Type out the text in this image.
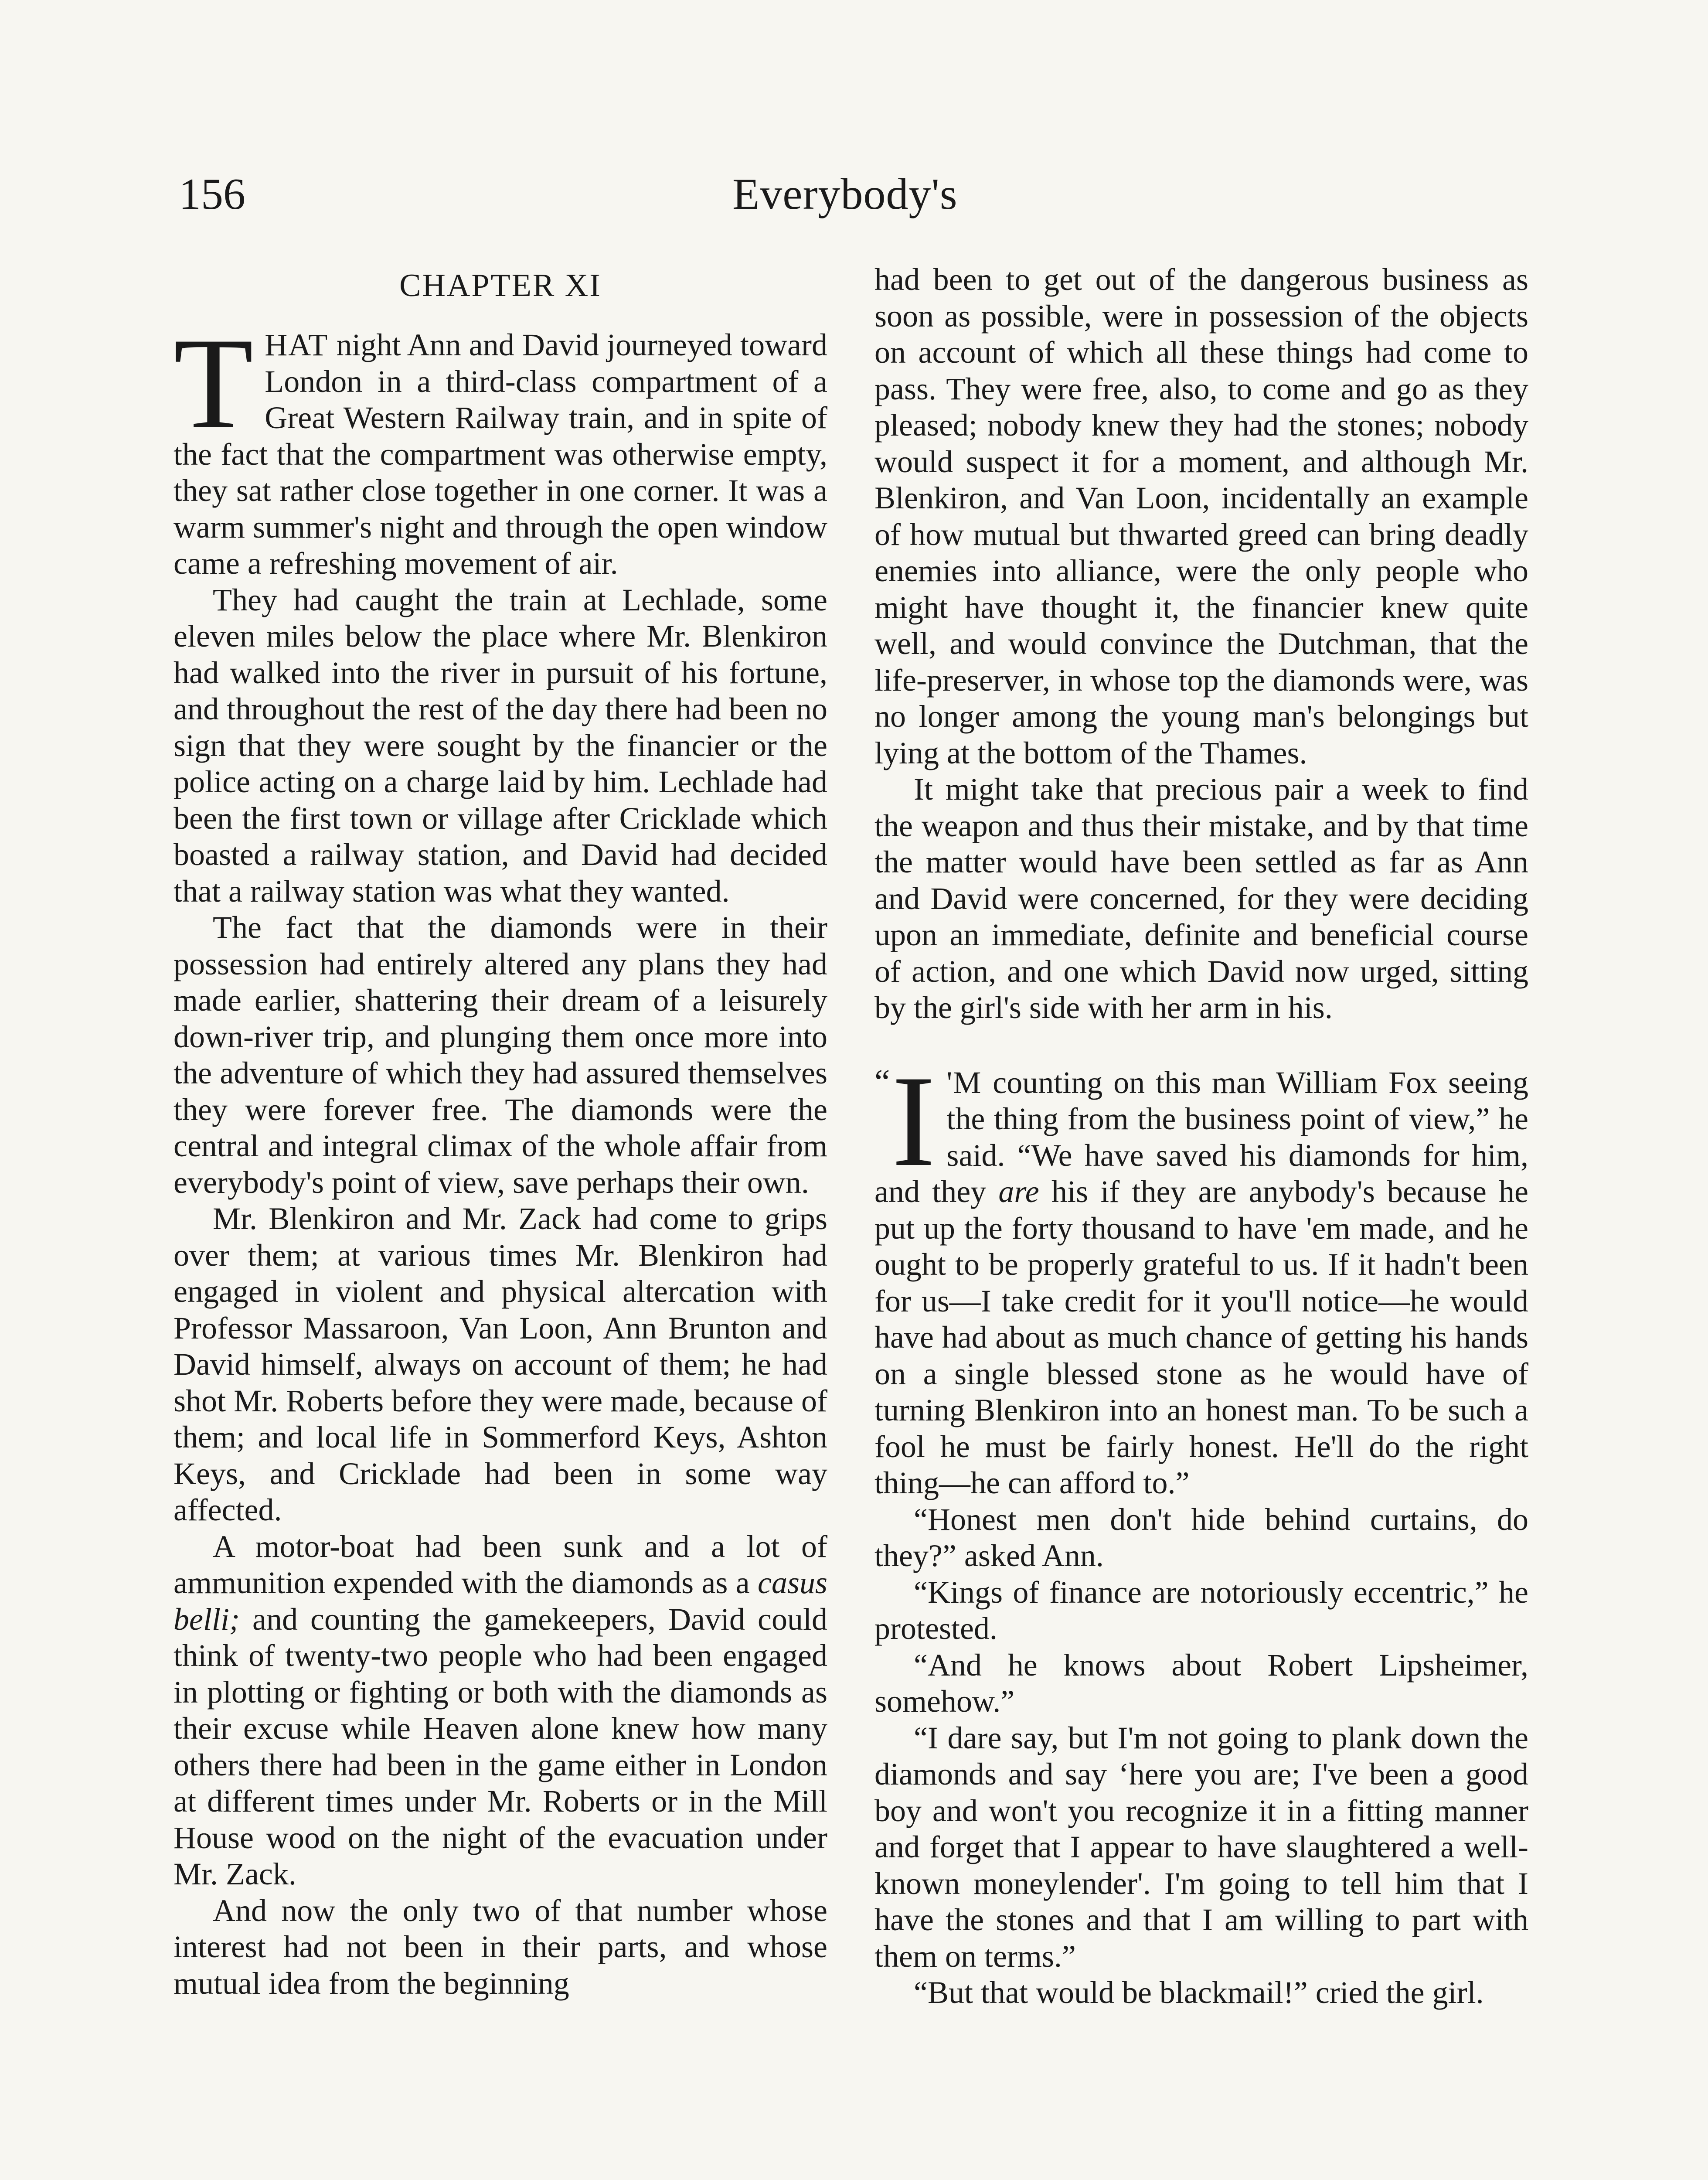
156	Everybody's
CHAPTER XI

THAT night Ann and David journeyed toward London in a third-class compartment of a Great Western Railway train, and in spite of the fact that the compartment was otherwise empty, they sat rather close together in one corner. It was a warm summer's night and through the open window came a refreshing movement of air.

They had caught the train at Lechlade, some eleven miles below the place where Mr. Blenkiron had walked into the river in pursuit of his fortune, and throughout the rest of the day there had been no sign that they were sought by the financier or the police acting on a charge laid by him. Lechlade had been the first town or village after Cricklade which boasted a railway station, and David had decided that a railway station was what they wanted.

The fact that the diamonds were in their possession had entirely altered any plans they had made earlier, shattering their dream of a leisurely down-river trip, and plunging them once more into the adventure of which they had assured themselves they were forever free. The diamonds were the central and integral climax of the whole affair from everybody's point of view, save perhaps their own.

Mr. Blenkiron and Mr. Zack had come to grips over them; at various times Mr. Blenkiron had engaged in violent and physical altercation with Professor Massaroon, Van Loon, Ann Brunton and David himself, always on account of them; he had shot Mr. Roberts before they were made, because of them; and local life in Sommerford Keys, Ashton Keys, and Cricklade had been in some way affected.

A motor-boat had been sunk and a lot of ammunition expended with the diamonds as a casus belli; and counting the gamekeepers, David could think of twenty-two people who had been engaged in plotting or fighting or both with the diamonds as their excuse while Heaven alone knew how many others there had been in the game either in London at different times under Mr. Roberts or in the Mill House wood on the night of the evacuation under Mr. Zack.

And now the only two of that number whose interest had not been in their parts, and whose mutual idea from the beginning

had been to get out of the dangerous business as soon as possible, were in possession of the objects on account of which all these things had come to pass. They were free, also, to come and go as they pleased; nobody knew they had the stones; nobody would suspect it for a moment, and although Mr. Blenkiron, and Van Loon, incidentally an example of how mutual but thwarted greed can bring deadly enemies into alliance, were the only people who might have thought it, the financier knew quite well, and would convince the Dutchman, that the life-preserver, in whose top the diamonds were, was no longer among the young man's belongings but lying at the bottom of the Thames.

It might take that precious pair a week to find the weapon and thus their mistake, and by that time the matter would have been settled as far as Ann and David were concerned, for they were deciding upon an immediate, definite and beneficial course of action, and one which David now urged, sitting by the girl's side with her arm in his.

“ I 'M counting on this man William Fox seeing the thing from the business point of view,” he said. “We have saved his diamonds for him, and they are his if they are anybody's because he put up the forty thousand to have 'em made, and he ought to be properly grateful to us. If it hadn't been for us—I take credit for it you'll notice—he would have had about as much chance of getting his hands on a single blessed stone as he would have of turning Blenkiron into an honest man. To be such a fool he must be fairly honest. He'll do the right thing—he can afford to.”

“Honest men don't hide behind curtains, do they?” asked Ann.

“Kings of finance are notoriously eccentric,” he protested.

“And he knows about Robert Lipsheimer, somehow.”

“I dare say, but I'm not going to plank down the diamonds and say ‘here you are; I've been a good boy and won't you recognize it in a fitting manner and forget that I appear to have slaughtered a well-known moneylender'. I'm going to tell him that I have the stones and that I am willing to part with them on terms.”

“But that would be blackmail!” cried the girl.
